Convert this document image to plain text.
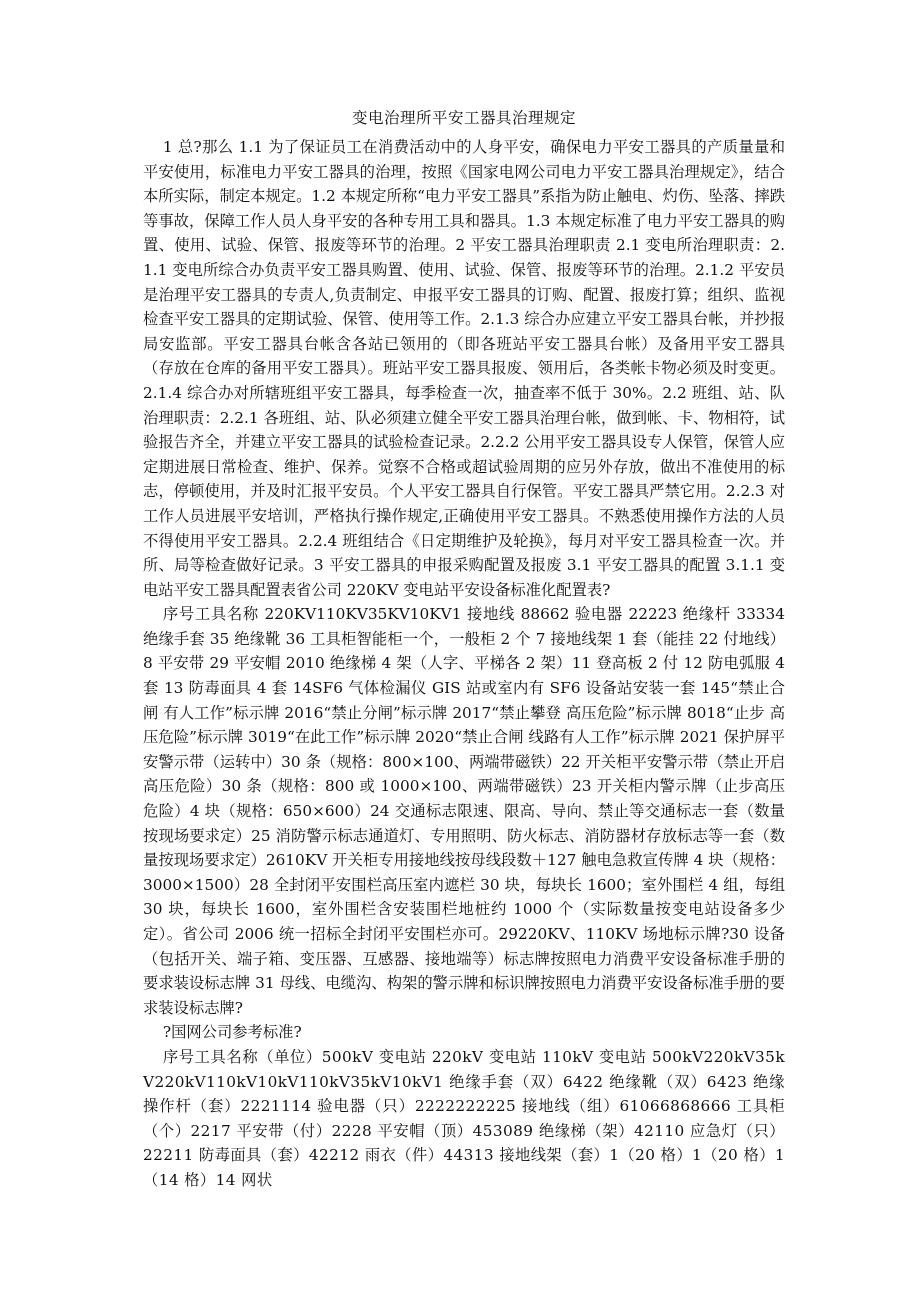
变电治理所平安工器具治理规定

1 总?那么 1.1 为了保证员工在消费活动中的人身平安，确保电力平安工器具的产质量量和平安使用，标准电力平安工器具的治理，按照《国家电网公司电力平安工器具治理规定》，结合本所实际，制定本规定。1.2 本规定所称“电力平安工器具”系指为防止触电、灼伤、坠落、摔跌等事故，保障工作人员人身平安的各种专用工具和器具。1.3 本规定标准了电力平安工器具的购置、使用、试验、保管、报废等环节的治理。2 平安工器具治理职责 2.1 变电所治理职责：2.1.1 变电所综合办负责平安工器具购置、使用、试验、保管、报废等环节的治理。2.1.2 平安员是治理平安工器具的专责人,负责制定、申报平安工器具的订购、配置、报废打算；组织、监视检查平安工器具的定期试验、保管、使用等工作。2.1.3 综合办应建立平安工器具台帐，并抄报局安监部。平安工器具台帐含各站已领用的（即各班站平安工器具台帐）及备用平安工器具（存放在仓库的备用平安工器具）。班站平安工器具报废、领用后，各类帐卡物必须及时变更。2.1.4 综合办对所辖班组平安工器具，每季检查一次，抽查率不低于 30%。2.2 班组、站、队治理职责：2.2.1 各班组、站、队必须建立健全平安工器具治理台帐，做到帐、卡、物相符，试验报告齐全，并建立平安工器具的试验检查记录。2.2.2 公用平安工器具设专人保管，保管人应定期进展日常检查、维护、保养。觉察不合格或超试验周期的应另外存放，做出不准使用的标志，停顿使用，并及时汇报平安员。个人平安工器具自行保管。平安工器具严禁它用。2.2.3 对工作人员进展平安培训，严格执行操作规定,正确使用平安工器具。不熟悉使用操作方法的人员不得使用平安工器具。2.2.4 班组结合《日定期维护及轮换》，每月对平安工器具检查一次。并所、局等检查做好记录。3 平安工器具的申报采购配置及报废 3.1 平安工器具的配置 3.1.1 变电站平安工器具配置表省公司 220KV 变电站平安设备标准化配置表?

序号工具名称 220KV110KV35KV10KV1 接地线 88662 验电器 22223 绝缘杆 33334 绝缘手套 35 绝缘靴 36 工具柜智能柜一个，一般柜 2 个 7 接地线架 1 套（能挂 22 付地线）8 平安带 29 平安帽 2010 绝缘梯 4 架（人字、平梯各 2 架）11 登高板 2 付 12 防电弧服 4 套 13 防毒面具 4 套 14SF6 气体检漏仪 GIS 站或室内有 SF6 设备站安装一套 145“禁止合闸 有人工作”标示牌 2016“禁止分闸”标示牌 2017“禁止攀登 高压危险”标示牌 8018“止步 高压危险”标示牌 3019“在此工作”标示牌 2020“禁止合闸 线路有人工作”标示牌 2021 保护屏平安警示带（运转中）30 条（规格：800×100、两端带磁铁）22 开关柜平安警示带（禁止开启高压危险）30 条（规格：800 或 1000×100、两端带磁铁）23 开关柜内警示牌（止步高压危险）4 块（规格：650×600）24 交通标志限速、限高、导向、禁止等交通标志一套（数量按现场要求定）25 消防警示标志通道灯、专用照明、防火标志、消防器材存放标志等一套（数量按现场要求定）2610KV 开关柜专用接地线按母线段数＋127 触电急救宣传牌 4 块（规格：3000×1500）28 全封闭平安围栏高压室内遮栏 30 块，每块长 1600；室外围栏 4 组，每组 30 块，每块长 1600，室外围栏含安装围栏地桩约 1000 个（实际数量按变电站设备多少定）。省公司 2006 统一招标全封闭平安围栏亦可。29220KV、110KV 场地标示牌?30 设备（包括开关、端子箱、变压器、互感器、接地端等）标志牌按照电力消费平安设备标准手册的要求装设标志牌 31 母线、电缆沟、构架的警示牌和标识牌按照电力消费平安设备标准手册的要求装设标志牌?

?国网公司参考标准?

序号工具名称（单位）500kV 变电站 220kV 变电站 110kV 变电站 500kV220kV35kV220kV110kV10kV110kV35kV10kV1 绝缘手套（双）6422 绝缘靴（双）6423 绝缘操作杆（套）2221114 验电器（只）2222222225 接地线（组）61066868666 工具柜（个）2217 平安带（付）2228 平安帽（顶）453089 绝缘梯（架）42110 应急灯（只）22211 防毒面具（套）42212 雨衣（件）44313 接地线架（套）1（20 格）1（20 格）1（14 格）14 网状
